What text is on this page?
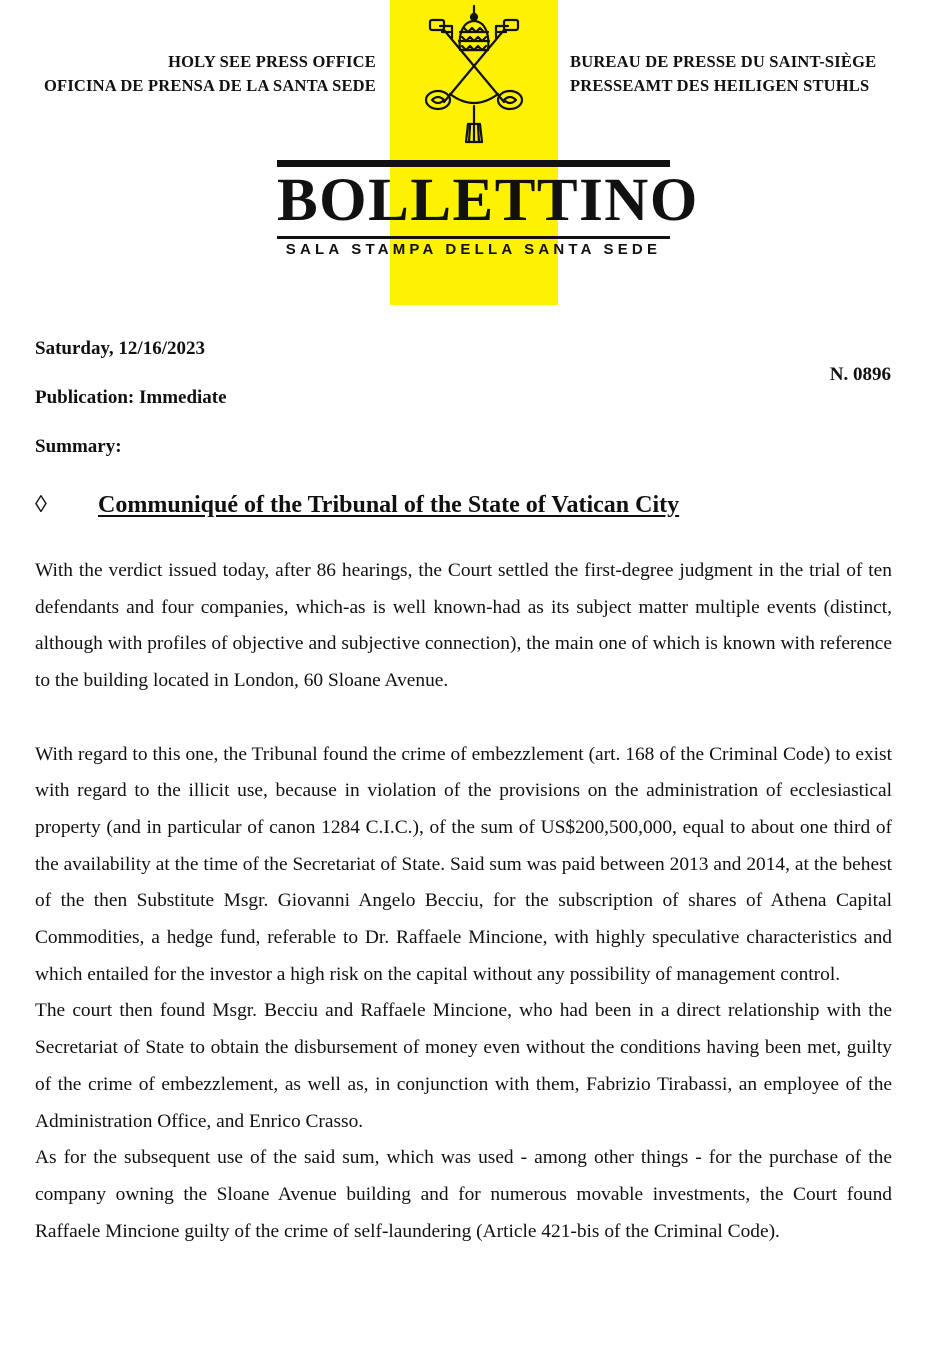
HOLY SEE PRESS OFFICE
OFICINA DE PRENSA DE LA SANTA SEDE
BUREAU DE PRESSE DU SAINT-SIÈGE
PRESSEAMT DES HEILIGEN STUHLS
BOLLETTINO
SALA STAMPA DELLA SANTA SEDE
Saturday, 12/16/2023
N. 0896
Publication: Immediate
Summary:
◊ Communiqué of the Tribunal of the State of Vatican City

With the verdict issued today, after 86 hearings, the Court settled the first-degree judgment in the trial of ten defendants and four companies, which-as is well known-had as its subject matter multiple events (distinct, although with profiles of objective and subjective connection), the main one of which is known with reference to the building located in London, 60 Sloane Avenue.

With regard to this one, the Tribunal found the crime of embezzlement (art. 168 of the Criminal Code) to exist with regard to the illicit use, because in violation of the provisions on the administration of ecclesiastical property (and in particular of canon 1284 C.I.C.), of the sum of US$200,500,000, equal to about one third of the availability at the time of the Secretariat of State. Said sum was paid between 2013 and 2014, at the behest of the then Substitute Msgr. Giovanni Angelo Becciu, for the subscription of shares of Athena Capital Commodities, a hedge fund, referable to Dr. Raffaele Mincione, with highly speculative characteristics and which entailed for the investor a high risk on the capital without any possibility of management control.

The court then found Msgr. Becciu and Raffaele Mincione, who had been in a direct relationship with the Secretariat of State to obtain the disbursement of money even without the conditions having been met, guilty of the crime of embezzlement, as well as, in conjunction with them, Fabrizio Tirabassi, an employee of the Administration Office, and Enrico Crasso.

As for the subsequent use of the said sum, which was used - among other things - for the purchase of the company owning the Sloane Avenue building and for numerous movable investments, the Court found Raffaele Mincione guilty of the crime of self-laundering (Article 421-bis of the Criminal Code).
